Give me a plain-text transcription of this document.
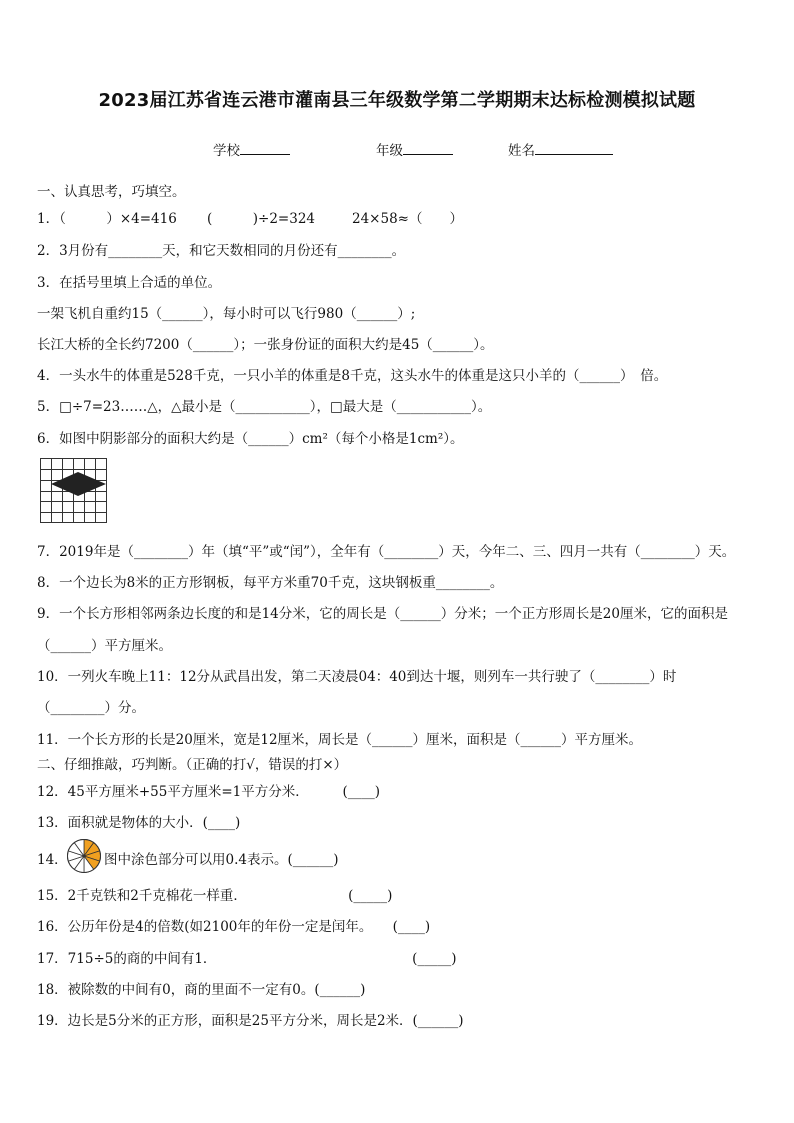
2023届江苏省连云港市灌南县三年级数学第二学期期末达标检测模拟试题
学校	年级	姓名
一、认真思考，巧填空。
1．（　　　）×4=416 (　　　)÷2=324	24×58≈（　　）
2．3月份有________天，和它天数相同的月份还有________。
3．在括号里填上合适的单位。
一架飞机自重约15（______），每小时可以飞行980（______）;
长江大桥的全长约7200（______）；一张身份证的面积大约是45（______）。
4．一头水牛的体重是528千克，一只小羊的体重是8千克，这头水牛的体重是这只小羊的（______）　倍。
5．□÷7=23……△，△最小是（___________），□最大是（___________）。
6．如图中阴影部分的面积大约是（______）cm²（每个小格是1cm²）。
7．2019年是（________）年（填“平”或“闰”），全年有（________）天，今年二、三、四月一共有（________）天。
8．一个边长为8米的正方形钢板，每平方米重70千克，这块钢板重________。
9．一个长方形相邻两条边长度的和是14分米，它的周长是（______）分米；一个正方形周长是20厘米，它的面积是
（______）平方厘米。
10．一列火车晚上11：12分从武昌出发，第二天凌晨04：40到达十堰，则列车一共行驶了（________）时
（________）分。
11．一个长方形的长是20厘米，宽是12厘米，周长是（______）厘米，面积是（______）平方厘米。
二、仔细推敲，巧判断。（正确的打√，错误的打×）
12．45平方厘米+55平方厘米=1平方分米．　　　(____)
13．面积就是物体的大小．(____)
14．	图中涂色部分可以用0.4表示。(______)
15．2千克铁和2千克棉花一样重．　　　　　　　　(_____)
16．公历年份是4的倍数(如2100年的年份一定是闰年。　　(____)
17．715÷5的商的中间有1．　　　　　　　　　　　　　　　(_____)
18．被除数的中间有0，商的里面不一定有0。(______)
19．边长是5分米的正方形，面积是25平方分米，周长是2米．(______)
